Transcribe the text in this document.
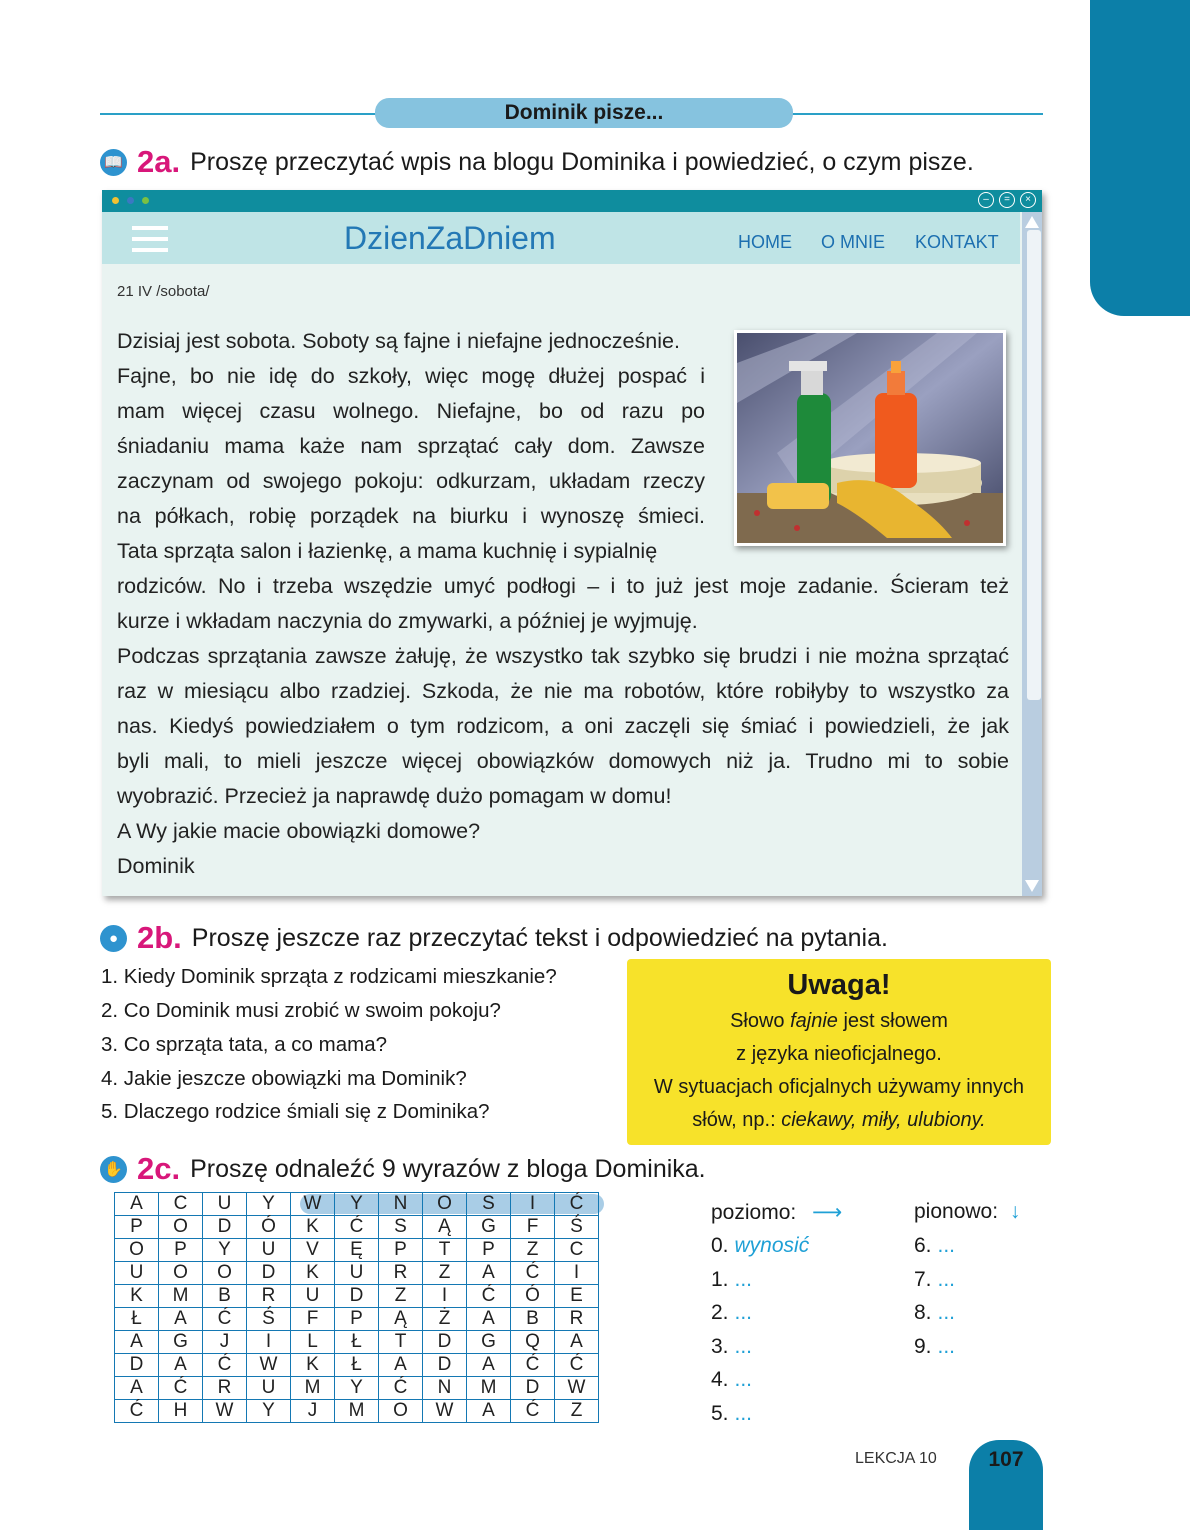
Dominik pisze...
📖 2a. Proszę przeczytać wpis na blogu Dominika i powiedzieć, o czym pisze.
–	=	×
DzienZaDniem	HOME O MNIE KONTAKT
21 IV /sobota/
Dzisiaj jest sobota. Soboty są fajne i niefajne jednocześnie.
Fajne, bo nie idę do szkoły, więc mogę dłużej pospać i
mam więcej czasu wolnego. Niefajne, bo od razu po
śniadaniu mama każe nam sprzątać cały dom. Zawsze
zaczynam od swojego pokoju: odkurzam, układam rzeczy
na półkach, robię porządek na biurku i wynoszę śmieci.
Tata sprząta salon i łazienkę, a mama kuchnię i sypialnię
rodziców. No i trzeba wszędzie umyć podłogi – i to już jest moje zadanie. Ścieram też
kurze i wkładam naczynia do zmywarki, a później je wyjmuję.
Podczas sprzątania zawsze żałuję, że wszystko tak szybko się brudzi i nie można sprzątać
raz w miesiącu albo rzadziej. Szkoda, że nie ma robotów, które robiłyby to wszystko za
nas. Kiedyś powiedziałem o tym rodzicom, a oni zaczęli się śmiać i powiedzieli, że jak
byli mali, to mieli jeszcze więcej obowiązków domowych niż ja. Trudno mi to sobie
wyobrazić. Przecież ja naprawdę dużo pomagam w domu!
A Wy jakie macie obowiązki domowe?
Dominik
● 2b. Proszę jeszcze raz przeczytać tekst i odpowiedzieć na pytania.
1. Kiedy Dominik sprząta z rodzicami mieszkanie?
2. Co Dominik musi zrobić w swoim pokoju?
3. Co sprząta tata, a co mama?
4. Jakie jeszcze obowiązki ma Dominik?
5. Dlaczego rodzice śmiali się z Dominika?
Uwaga!
Słowo fajnie jest słowem
z języka nieoficjalnego.
W sytuacjach oficjalnych używamy innych
słów, np.: ciekawy, miły, ulubiony.
✋ 2c. Proszę odnaleźć 9 wyrazów z bloga Dominika.
A	C	U	Y	W	Y	N	O	S	I	Ć
P	O	D	Ó	K	Ć	S	Ą	G	F	Ś
O	P	Y	U	V	Ę	P	T	P	Z	C
U	O	O	D	K	U	R	Z	A	Ć	I
K	M	B	R	U	D	Z	I	Ć	Ó	E
Ł	A	Ć	Ś	F	P	Ą	Ż	A	B	R
A	G	J	I	L	Ł	T	D	G	Q	A
D	A	Ć	W	K	Ł	A	D	A	Ć	Ć
A	Ć	R	U	M	Y	Ć	N	M	D	W
Ć	H	W	Y	J	M	O	W	A	Ć	Z
poziomo: ⟶	pionowo: ↓
0. wynosić
1. ...
2. ...
3. ...
4. ...
5. ...
6. ...
7. ...
8. ...
9. ...
LEKCJA 10	107
